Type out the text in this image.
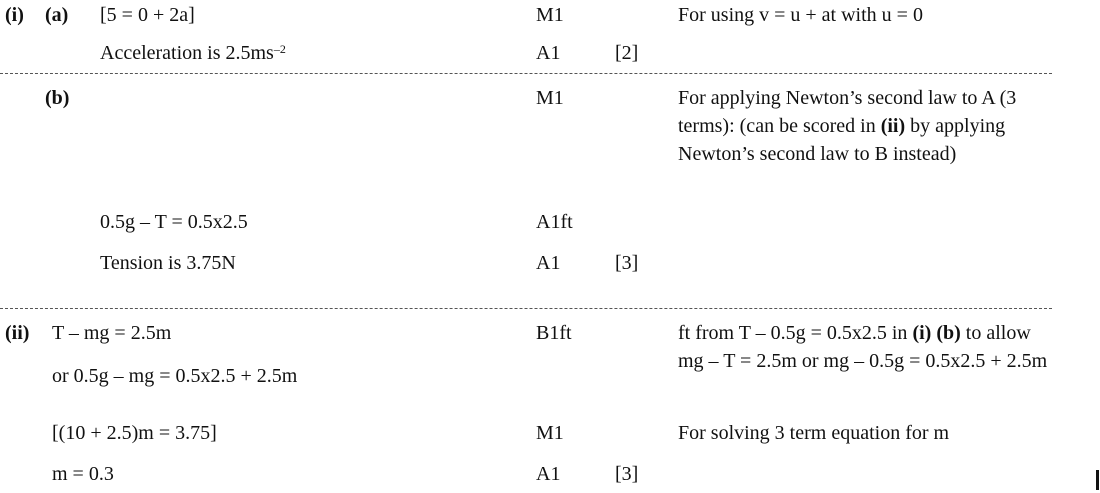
(i) (a) [5 = 0 + 2a]	M1	For using v = u + at with u = 0
Acceleration is $2.5ms^{-2}$	A1	[2]
(b)	M1	For applying Newton’s second law to A (3 terms): (can be scored in (ii) by applying Newton’s second law to B instead)
0.5g – T = 0.5x2.5	A1ft
Tension is 3.75N	A1	[3]
(ii) T – mg = 2.5m	B1ft	ft from T – 0.5g = 0.5x2.5 in (i) (b) to allow mg – T = 2.5m or mg – 0.5g = 0.5x2.5 + 2.5m
or 0.5g – mg = 0.5x2.5 + 2.5m
[(10 + 2.5)m = 3.75]	M1	For solving 3 term equation for m
m = 0.3	A1	[3]
